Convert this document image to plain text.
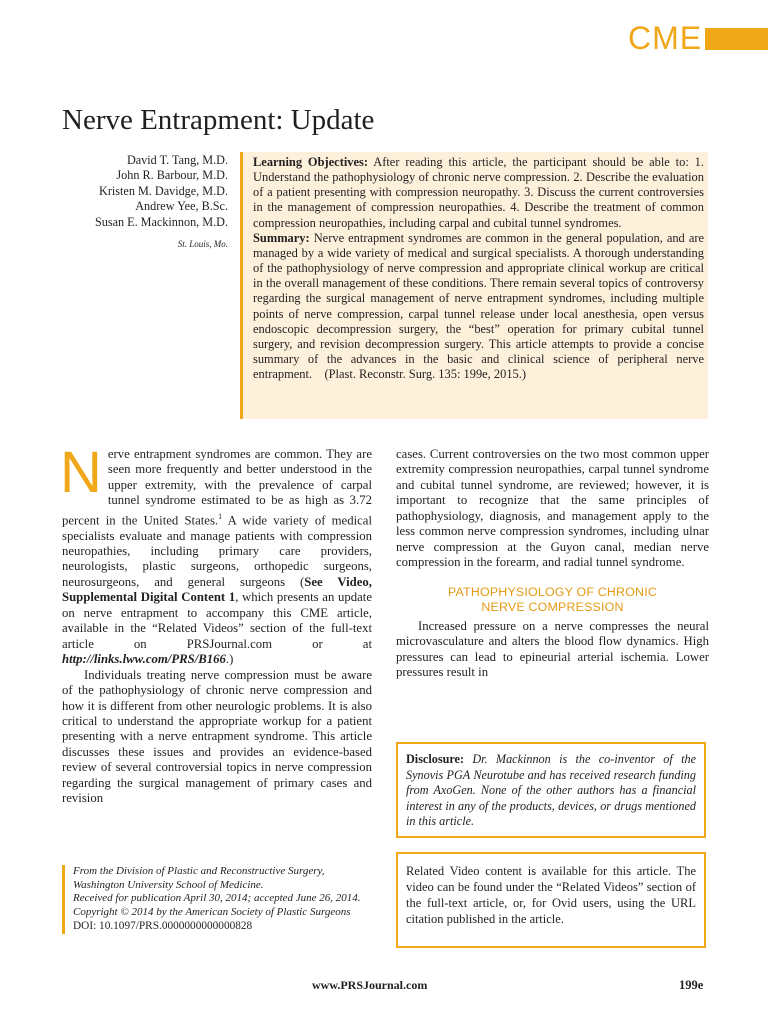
CME
Nerve Entrapment: Update
David T. Tang, M.D.
John R. Barbour, M.D.
Kristen M. Davidge, M.D.
Andrew Yee, B.Sc.
Susan E. Mackinnon, M.D.
St. Louis, Mo.

Learning Objectives: After reading this article, the participant should be able to: 1. Understand the pathophysiology of chronic nerve compression. 2. Describe the evaluation of a patient presenting with compression neuropathy. 3. Discuss the current controversies in the management of compression neuropathies. 4. Describe the treatment of common compression neuropathies, including carpal and cubital tunnel syndromes.

Summary: Nerve entrapment syndromes are common in the general population, and are managed by a wide variety of medical and surgical specialists. A thorough understanding of the pathophysiology of nerve compression and appropriate clinical workup are critical in the overall management of these conditions. There remain several topics of controversy regarding the surgical management of nerve entrapment syndromes, including multiple points of nerve compression, carpal tunnel release under local anesthesia, open versus endoscopic decompression surgery, the “best” operation for primary cubital tunnel surgery, and revision decompression surgery. This article attempts to provide a concise summary of the advances in the basic and clinical science of peripheral nerve entrapment. (Plast. Reconstr. Surg. 135: 199e, 2015.)

Nerve entrapment syndromes are common. They are seen more frequently and better understood in the upper extremity, with the prevalence of carpal tunnel syndrome estimated to be as high as 3.72 percent in the United States.$^1$ A wide variety of medical specialists evaluate and manage patients with compression neuropathies, including primary care providers, neurologists, plastic surgeons, orthopedic surgeons, neurosurgeons, and general surgeons (See Video, Supplemental Digital Content 1, which presents an update on nerve entrapment to accompany this CME article, available in the “Related Videos” section of the full-text article on PRSJournal.com or at http://links.lww.com/PRS/B166.)

Individuals treating nerve compression must be aware of the pathophysiology of chronic nerve compression and how it is different from other neurologic problems. It is also critical to understand the appropriate workup for a patient presenting with a nerve entrapment syndrome. This article discusses these issues and provides an evidence-based review of several controversial topics in nerve compression regarding the surgical management of primary cases and revision

cases. Current controversies on the two most common upper extremity compression neuropathies, carpal tunnel syndrome and cubital tunnel syndrome, are reviewed; however, it is important to recognize that the same principles of pathophysiology, diagnosis, and management apply to the less common nerve compression syndromes, including ulnar nerve compression at the Guyon canal, median nerve compression in the forearm, and radial tunnel syndrome.

PATHOPHYSIOLOGY OF CHRONIC
NERVE COMPRESSION

Increased pressure on a nerve compresses the neural microvasculature and alters the blood flow dynamics. High pressures can lead to epineurial arterial ischemia. Lower pressures result in

Disclosure: Dr. Mackinnon is the co-inventor of the Synovis PGA Neurotube and has received research funding from AxoGen. None of the other authors has a financial interest in any of the products, devices, or drugs mentioned in this article.
Related Video content is available for this article. The video can be found under the “Related Videos” section of the full-text article, or, for Ovid users, using the URL citation published in the article.

From the Division of Plastic and Reconstructive Surgery, Washington University School of Medicine.

Received for publication April 30, 2014; accepted June 26, 2014.

Copyright © 2014 by the American Society of Plastic Surgeons

DOI: 10.1097/PRS.0000000000000828

www.PRSJournal.com	199e
